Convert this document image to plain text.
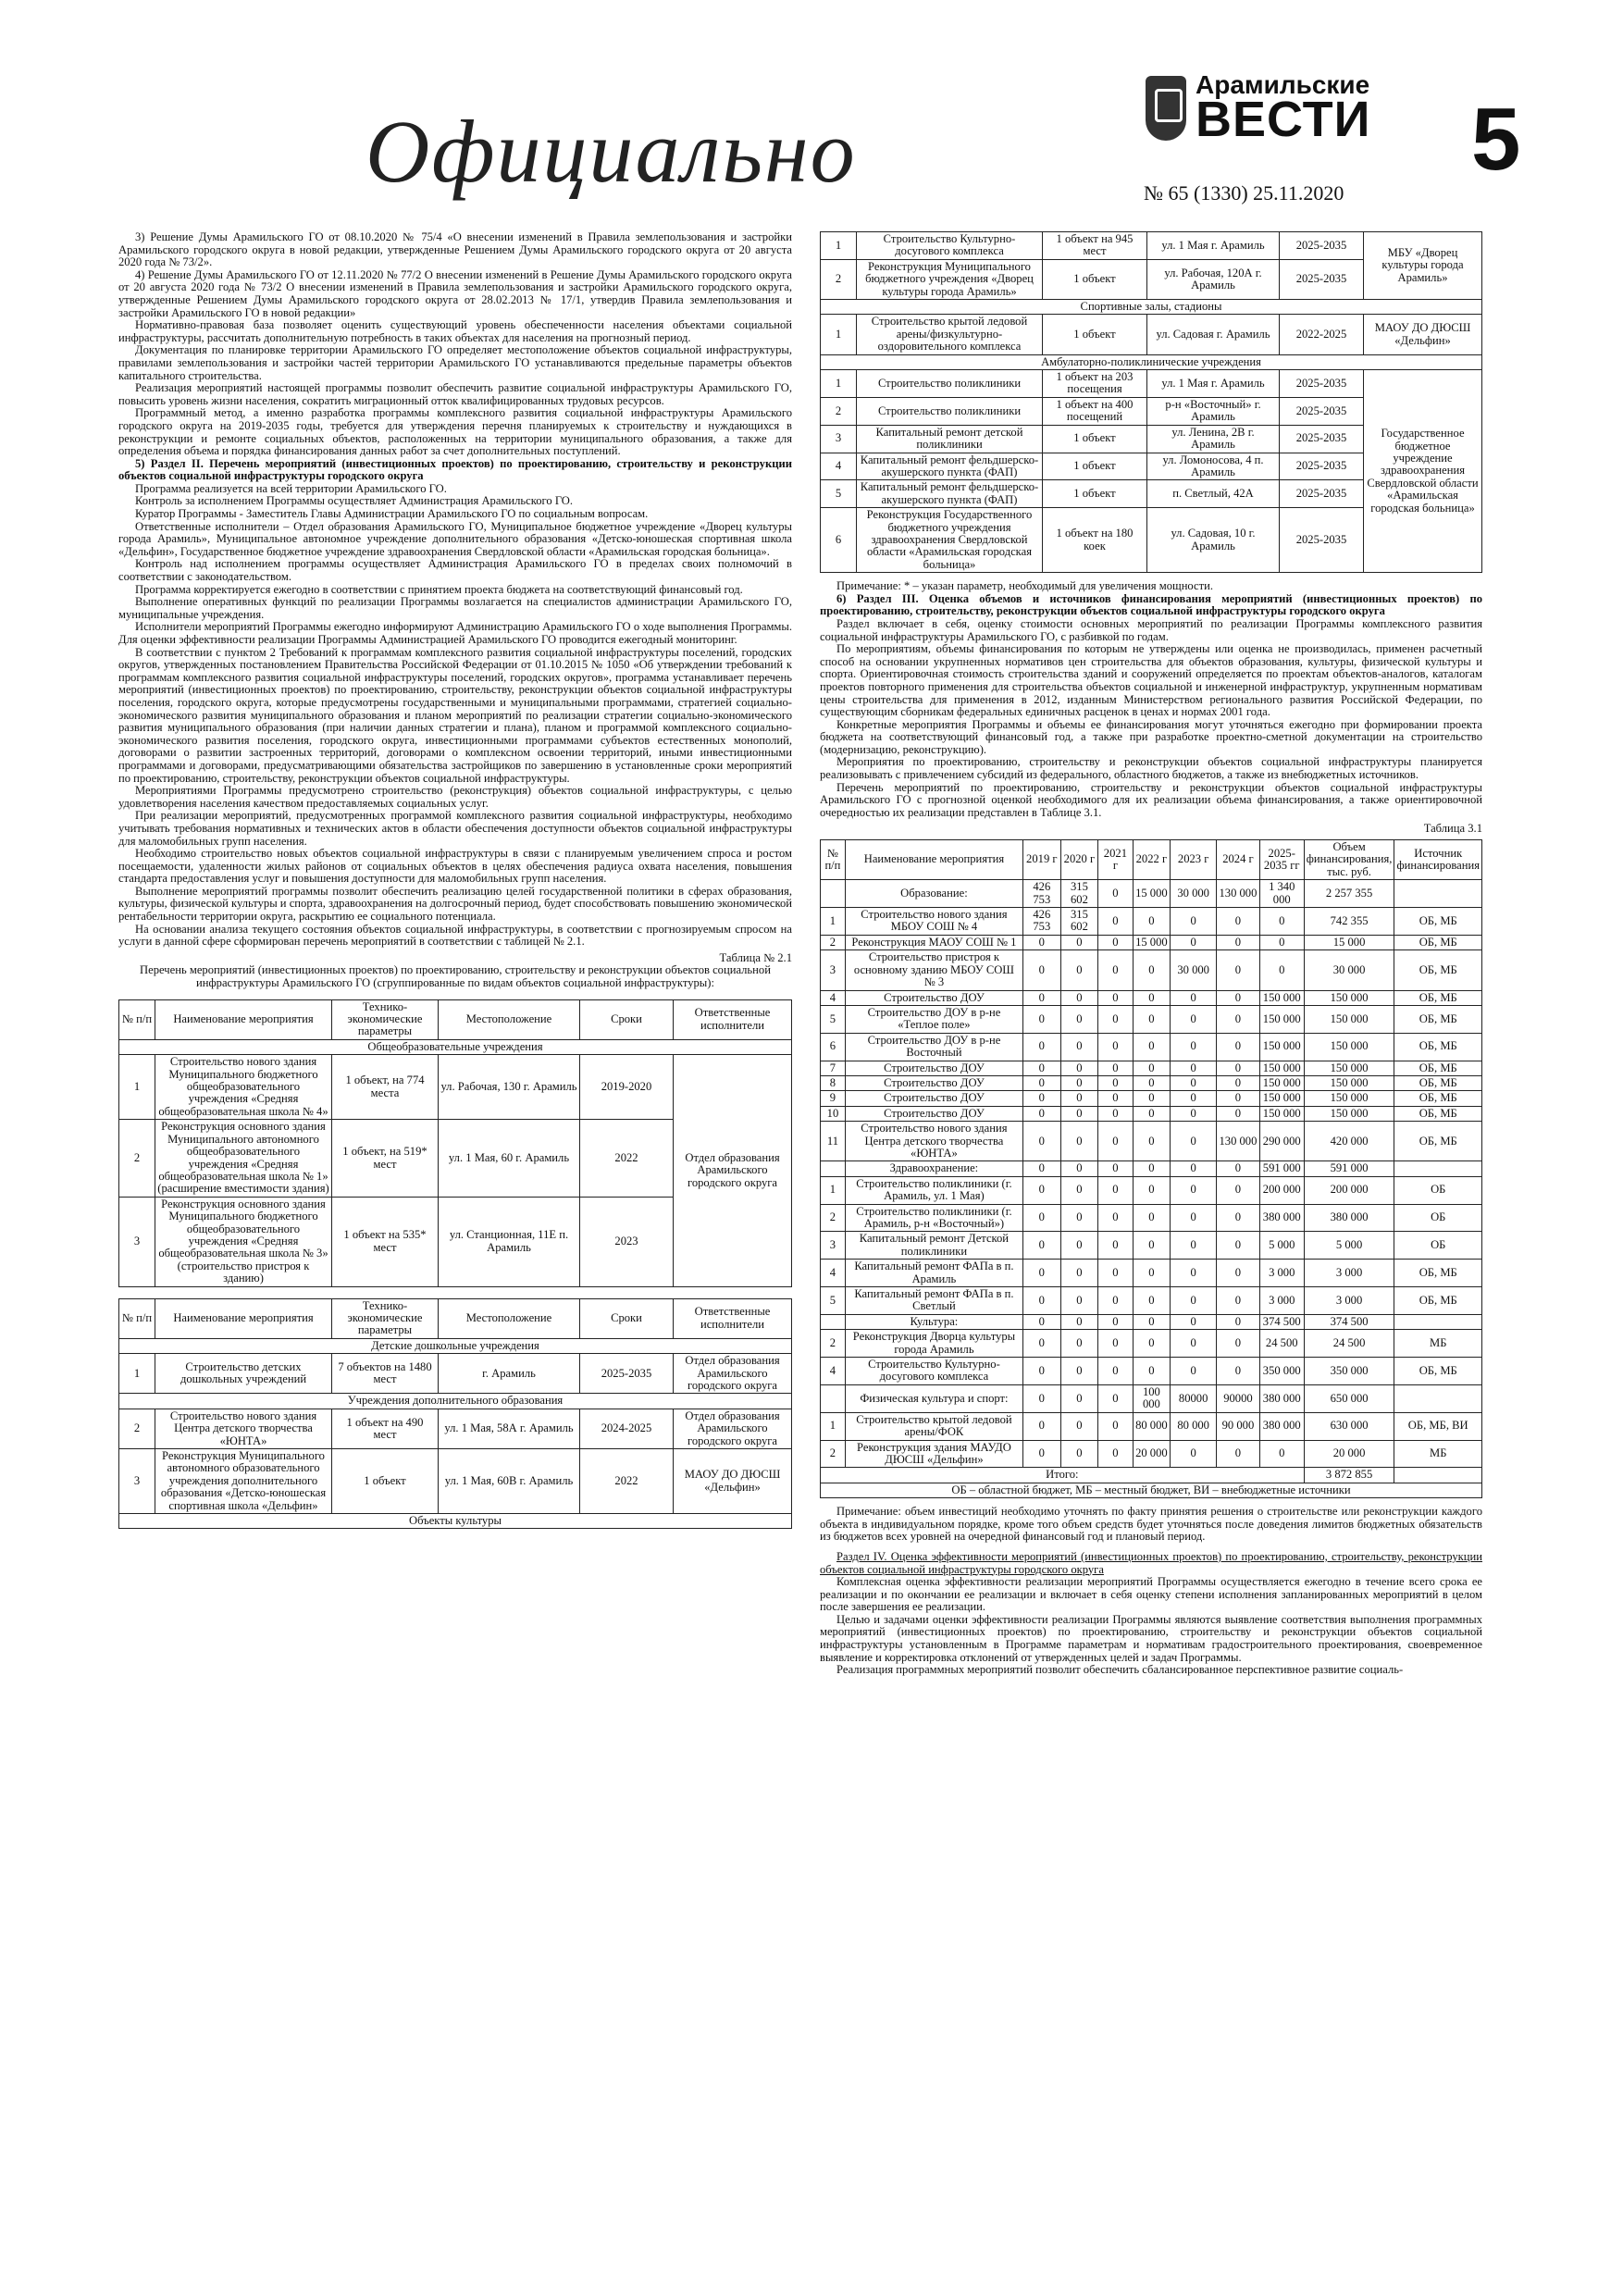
Официально
Арамильские
ВЕСТИ
№ 65 (1330) 25.11.2020
5

3) Решение Думы Арамильского ГО от 08.10.2020 № 75/4 «О внесении изменений в Правила землепользования и застройки Арамильского городского округа в новой редакции, утвержденные Решением Думы Арамильского городского округа от 20 августа 2020 года № 73/2».

4) Решение Думы Арамильского ГО от 12.11.2020 № 77/2 О внесении изменений в Решение Думы Арамильского городского округа от 20 августа 2020 года № 73/2 О внесении изменений в Правила землепользования и застройки Арамильского городского округа, утвержденные Решением Думы Арамильского городского округа от 28.02.2013 № 17/1, утвердив Правила землепользования и застройки Арамильского ГО в новой редакции»

Нормативно-правовая база позволяет оценить существующий уровень обеспеченности населения объектами социальной инфраструктуры, рассчитать дополнительную потребность в таких объектах для населения на прогнозный период.

Документация по планировке территории Арамильского ГО определяет местоположение объектов социальной инфраструктуры, правилами землепользования и застройки частей территории Арамильского ГО устанавливаются предельные параметры объектов капитального строительства.

Реализация мероприятий настоящей программы позволит обеспечить развитие социальной инфраструктуры Арамильского ГО, повысить уровень жизни населения, сократить миграционный отток квалифицированных трудовых ресурсов.

Программный метод, а именно разработка программы комплексного развития социальной инфраструктуры Арамильского городского округа на 2019-2035 годы, требуется для утверждения перечня планируемых к строительству и нуждающихся в реконструкции и ремонте социальных объектов, расположенных на территории муниципального образования, а также для определения объема и порядка финансирования данных работ за счет дополнительных поступлений.

5) Раздел II. Перечень мероприятий (инвестиционных проектов) по проектированию, строительству и реконструкции объектов социальной инфраструктуры городского округа

Программа реализуется на всей территории Арамильского ГО.

Контроль за исполнением Программы осуществляет Администрация Арамильского ГО.

Куратор Программы - Заместитель Главы Администрации Арамильского ГО по социальным вопросам.

Ответственные исполнители – Отдел образования Арамильского ГО, Муниципальное бюджетное учреждение «Дворец культуры города Арамиль», Муниципальное автономное учреждение дополнительного образования «Детско-юношеская спортивная школа «Дельфин», Государственное бюджетное учреждение здравоохранения Свердловской области «Арамильская городская больница».

Контроль над исполнением программы осуществляет Администрация Арамильского ГО в пределах своих полномочий в соответствии с законодательством.

Программа корректируется ежегодно в соответствии с принятием проекта бюджета на соответствующий финансовый год.

Выполнение оперативных функций по реализации Программы возлагается на специалистов администрации Арамильского ГО, муниципальные учреждения.

Исполнители мероприятий Программы ежегодно информируют Администрацию Арамильского ГО о ходе выполнения Программы. Для оценки эффективности реализации Программы Администрацией Арамильского ГО проводится ежегодный мониторинг.

В соответствии с пунктом 2 Требований к программам комплексного развития социальной инфраструктуры поселений, городских округов, утвержденных постановлением Правительства Российской Федерации от 01.10.2015 № 1050 «Об утверждении требований к программам комплексного развития социальной инфраструктуры поселений, городских округов», программа устанавливает перечень мероприятий (инвестиционных проектов) по проектированию, строительству, реконструкции объектов социальной инфраструктуры поселения, городского округа, которые предусмотрены государственными и муниципальными программами, стратегией социально-экономического развития муниципального образования и планом мероприятий по реализации стратегии социально-экономического развития муниципального образования (при наличии данных стратегии и плана), планом и программой комплексного социально-экономического развития поселения, городского округа, инвестиционными программами субъектов естественных монополий, договорами о развитии застроенных территорий, договорами о комплексном освоении территорий, иными инвестиционными программами и договорами, предусматривающими обязательства застройщиков по завершению в установленные сроки мероприятий по проектированию, строительству, реконструкции объектов социальной инфраструктуры.

Мероприятиями Программы предусмотрено строительство (реконструкция) объектов социальной инфраструктуры, с целью удовлетворения населения качеством предоставляемых социальных услуг.

При реализации мероприятий, предусмотренных программой комплексного развития социальной инфраструктуры, необходимо учитывать требования нормативных и технических актов в области обеспечения доступности объектов социальной инфраструктуры для маломобильных групп населения.

Необходимо строительство новых объектов социальной инфраструктуры в связи с планируемым увеличением спроса и ростом посещаемости, удаленности жилых районов от социальных объектов в целях обеспечения радиуса охвата населения, повышения стандарта предоставления услуг и повышения доступности для маломобильных групп населения.

Выполнение мероприятий программы позволит обеспечить реализацию целей государственной политики в сферах образования, культуры, физической культуры и спорта, здравоохранения на долгосрочный период, будет способствовать повышению экономической рентабельности территории округа, раскрытию ее социального потенциала.

На основании анализа текущего состояния объектов социальной инфраструктуры, в соответствии с прогнозируемым спросом на услуги в данной сфере сформирован перечень мероприятий в соответствии с таблицей № 2.1.

Таблица № 2.1
Перечень мероприятий (инвестиционных проектов) по проектированию, строительству и реконструкции объектов социальной инфраструктуры Арамильского ГО (сгруппированные по видам объектов социальной инфраструктуры):
№ п/п	Наименование мероприятия	Технико-экономические параметры	Местоположение	Сроки	Ответственные исполнители
Общеобразовательные учреждения					
1	Строительство нового здания Муниципального бюджетного общеобразовательного учреждения «Средняя общеобразовательная школа № 4»	1 объект, на 774 места	ул. Рабочая, 130 г. Арамиль	2019-2020	Отдел образования Арамильского городского округа
2	Реконструкция основного здания Муниципального автономного общеобразовательного учреждения «Средняя общеобразовательная школа № 1» (расширение вместимости здания)	1 объект, на 519* мест	ул. 1 Мая, 60 г. Арамиль	2022	
3	Реконструкция основного здания Муниципального бюджетного общеобразовательного учреждения «Средняя общеобразовательная школа № 3» (строительство пристроя к зданию)	1 объект на 535* мест	ул. Станционная, 11Е п. Арамиль	2023	
№ п/п	Наименование мероприятия	Технико-экономические параметры	Местоположение	Сроки	Ответственные исполнители
Детские дошкольные учреждения					
1	Строительство детских дошкольных учреждений	7 объектов на 1480 мест	г. Арамиль	2025-2035	Отдел образования Арамильского городского округа
Учреждения дополнительного образования					
2	Строительство нового здания Центра детского творчества «ЮНТА»	1 объект на 490 мест	ул. 1 Мая, 58А г. Арамиль	2024-2025	Отдел образования Арамильского городского округа
3	Реконструкция Муниципального автономного образовательного учреждения дополнительного образования «Детско-юношеская спортивная школа «Дельфин»	1 объект	ул. 1 Мая, 60В г. Арамиль	2022	МАОУ ДО ДЮСШ «Дельфин»
Объекты культуры					
1	Строительство Культурно-досугового комплекса	1 объект на 945 мест	ул. 1 Мая г. Арамиль	2025-2035	МБУ «Дворец культуры города Арамиль»
2	Реконструкция Муниципального бюджетного учреждения «Дворец культуры города Арамиль»	1 объект	ул. Рабочая, 120А г. Арамиль	2025-2035	
Спортивные залы, стадионы					
1	Строительство крытой ледовой арены/физкультурно-оздоровительного комплекса	1 объект	ул. Садовая г. Арамиль	2022-2025	МАОУ ДО ДЮСШ «Дельфин»
Амбулаторно-поликлинические учреждения					
1	Строительство поликлиники	1 объект на 203 посещения	ул. 1 Мая г. Арамиль	2025-2035	Государственное бюджетное учреждение здравоохранения Свердловской области «Арамильская городская больница»
2	Строительство поликлиники	1 объект на 400 посещений	р-н «Восточный» г. Арамиль	2025-2035	
3	Капитальный ремонт детской поликлиники	1 объект	ул. Ленина, 2В г. Арамиль	2025-2035	
4	Капитальный ремонт фельдшерско-акушерского пункта (ФАП)	1 объект	ул. Ломоносова, 4 п. Арамиль	2025-2035	
5	Капитальный ремонт фельдшерско-акушерского пункта (ФАП)	1 объект	п. Светлый, 42А	2025-2035	
6	Реконструкция Государственного бюджетного учреждения здравоохранения Свердловской области «Арамильская городская больница»	1 объект на 180 коек	ул. Садовая, 10 г. Арамиль	2025-2035	

Примечание: * – указан параметр, необходимый для увеличения мощности.

6) Раздел III. Оценка объемов и источников финансирования мероприятий (инвестиционных проектов) по проектированию, строительству, реконструкции объектов социальной инфраструктуры городского округа

Раздел включает в себя, оценку стоимости основных мероприятий по реализации Программы комплексного развития социальной инфраструктуры Арамильского ГО, с разбивкой по годам.

По мероприятиям, объемы финансирования по которым не утверждены или оценка не производилась, применен расчетный способ на основании укрупненных нормативов цен строительства для объектов образования, культуры, физической культуры и спорта. Ориентировочная стоимость строительства зданий и сооружений определяется по проектам объектов-аналогов, каталогам проектов повторного применения для строительства объектов социальной и инженерной инфраструктур, укрупненным нормативам цены строительства для применения в 2012, изданным Министерством регионального развития Российской Федерации, по существующим сборникам федеральных единичных расценок в ценах и нормах 2001 года.

Конкретные мероприятия Программы и объемы ее финансирования могут уточняться ежегодно при формировании проекта бюджета на соответствующий финансовый год, а также при разработке проектно-сметной документации на строительство (модернизацию, реконструкцию).

Мероприятия по проектированию, строительству и реконструкции объектов социальной инфраструктуры планируется реализовывать с привлечением субсидий из федерального, областного бюджетов, а также из внебюджетных источников.

Перечень мероприятий по проектированию, строительству и реконструкции объектов социальной инфраструктуры Арамильского ГО с прогнозной оценкой необходимого для их реализации объема финансирования, а также ориентировочной очередностью их реализации представлен в Таблице 3.1.

Таблица 3.1
№ п/п	Наименование мероприятия	2019 г	2020 г	2021 г	2022 г	2023 г	2024 г	2025-2035 гг	Объем финансирования, тыс. руб.	Источник финансирования
	Образование:	426 753	315 602	0	15 000	30 000	130 000	1 340 000	2 257 355	
1	Строительство нового здания МБОУ СОШ № 4	426 753	315 602	0	0	0	0	0	742 355	ОБ, МБ
2	Реконструкция МАОУ СОШ № 1	0	0	0	15 000	0	0	0	15 000	ОБ, МБ
3	Строительство пристроя к основному зданию МБОУ СОШ № 3	0	0	0	0	30 000	0	0	30 000	ОБ, МБ
4	Строительство ДОУ	0	0	0	0	0	0	150 000	150 000	ОБ, МБ
5	Строительство ДОУ в р-не «Теплое поле»	0	0	0	0	0	0	150 000	150 000	ОБ, МБ
6	Строительство ДОУ в р-не Восточный	0	0	0	0	0	0	150 000	150 000	ОБ, МБ
7	Строительство ДОУ	0	0	0	0	0	0	150 000	150 000	ОБ, МБ
8	Строительство ДОУ	0	0	0	0	0	0	150 000	150 000	ОБ, МБ
9	Строительство ДОУ	0	0	0	0	0	0	150 000	150 000	ОБ, МБ
10	Строительство ДОУ	0	0	0	0	0	0	150 000	150 000	ОБ, МБ
11	Строительство нового здания Центра детского творчества «ЮНТА»	0	0	0	0	0	130 000	290 000	420 000	ОБ, МБ
	Здравоохранение:	0	0	0	0	0	0	591 000	591 000	
1	Строительство поликлиники (г. Арамиль, ул. 1 Мая)	0	0	0	0	0	0	200 000	200 000	ОБ
2	Строительство поликлиники (г. Арамиль, р-н «Восточный»)	0	0	0	0	0	0	380 000	380 000	ОБ
3	Капитальный ремонт Детской поликлиники	0	0	0	0	0	0	5 000	5 000	ОБ
4	Капитальный ремонт ФАПа в п. Арамиль	0	0	0	0	0	0	3 000	3 000	ОБ, МБ
5	Капитальный ремонт ФАПа в п. Светлый	0	0	0	0	0	0	3 000	3 000	ОБ, МБ
	Культура:	0	0	0	0	0	0	374 500	374 500	
2	Реконструкция Дворца культуры города Арамиль	0	0	0	0	0	0	24 500	24 500	МБ
4	Строительство Культурно-досугового комплекса	0	0	0	0	0	0	350 000	350 000	ОБ, МБ
	Физическая культура и спорт:	0	0	0	100 000	80000	90000	380 000	650 000	
1	Строительство крытой ледовой арены/ФОК	0	0	0	80 000	80 000	90 000	380 000	630 000	ОБ, МБ, ВИ
2	Реконструкция здания МАУДО ДЮСШ «Дельфин»	0	0	0	20 000	0	0	0	20 000	МБ
Итого:									3 872 855	
ОБ – областной бюджет, МБ – местный бюджет, ВИ – внебюджетные источники										

Примечание: объем инвестиций необходимо уточнять по факту принятия решения о строительстве или реконструкции каждого объекта в индивидуальном порядке, кроме того объем средств будет уточняться после доведения лимитов бюджетных обязательств из бюджетов всех уровней на очередной финансовый год и плановый период.

Раздел IV. Оценка эффективности мероприятий (инвестиционных проектов) по проектированию, строительству, реконструкции объектов социальной инфраструктуры городского округа

Комплексная оценка эффективности реализации мероприятий Программы осуществляется ежегодно в течение всего срока ее реализации и по окончании ее реализации и включает в себя оценку степени исполнения запланированных мероприятий в целом после завершения ее реализации.

Целью и задачами оценки эффективности реализации Программы являются выявление соответствия выполнения программных мероприятий (инвестиционных проектов) по проектированию, строительству и реконструкции объектов социальной инфраструктуры установленным в Программе параметрам и нормативам градостроительного проектирования, своевременное выявление и корректировка отклонений от утвержденных целей и задач Программы.

Реализация программных мероприятий позволит обеспечить сбалансированное перспективное развитие социаль-
